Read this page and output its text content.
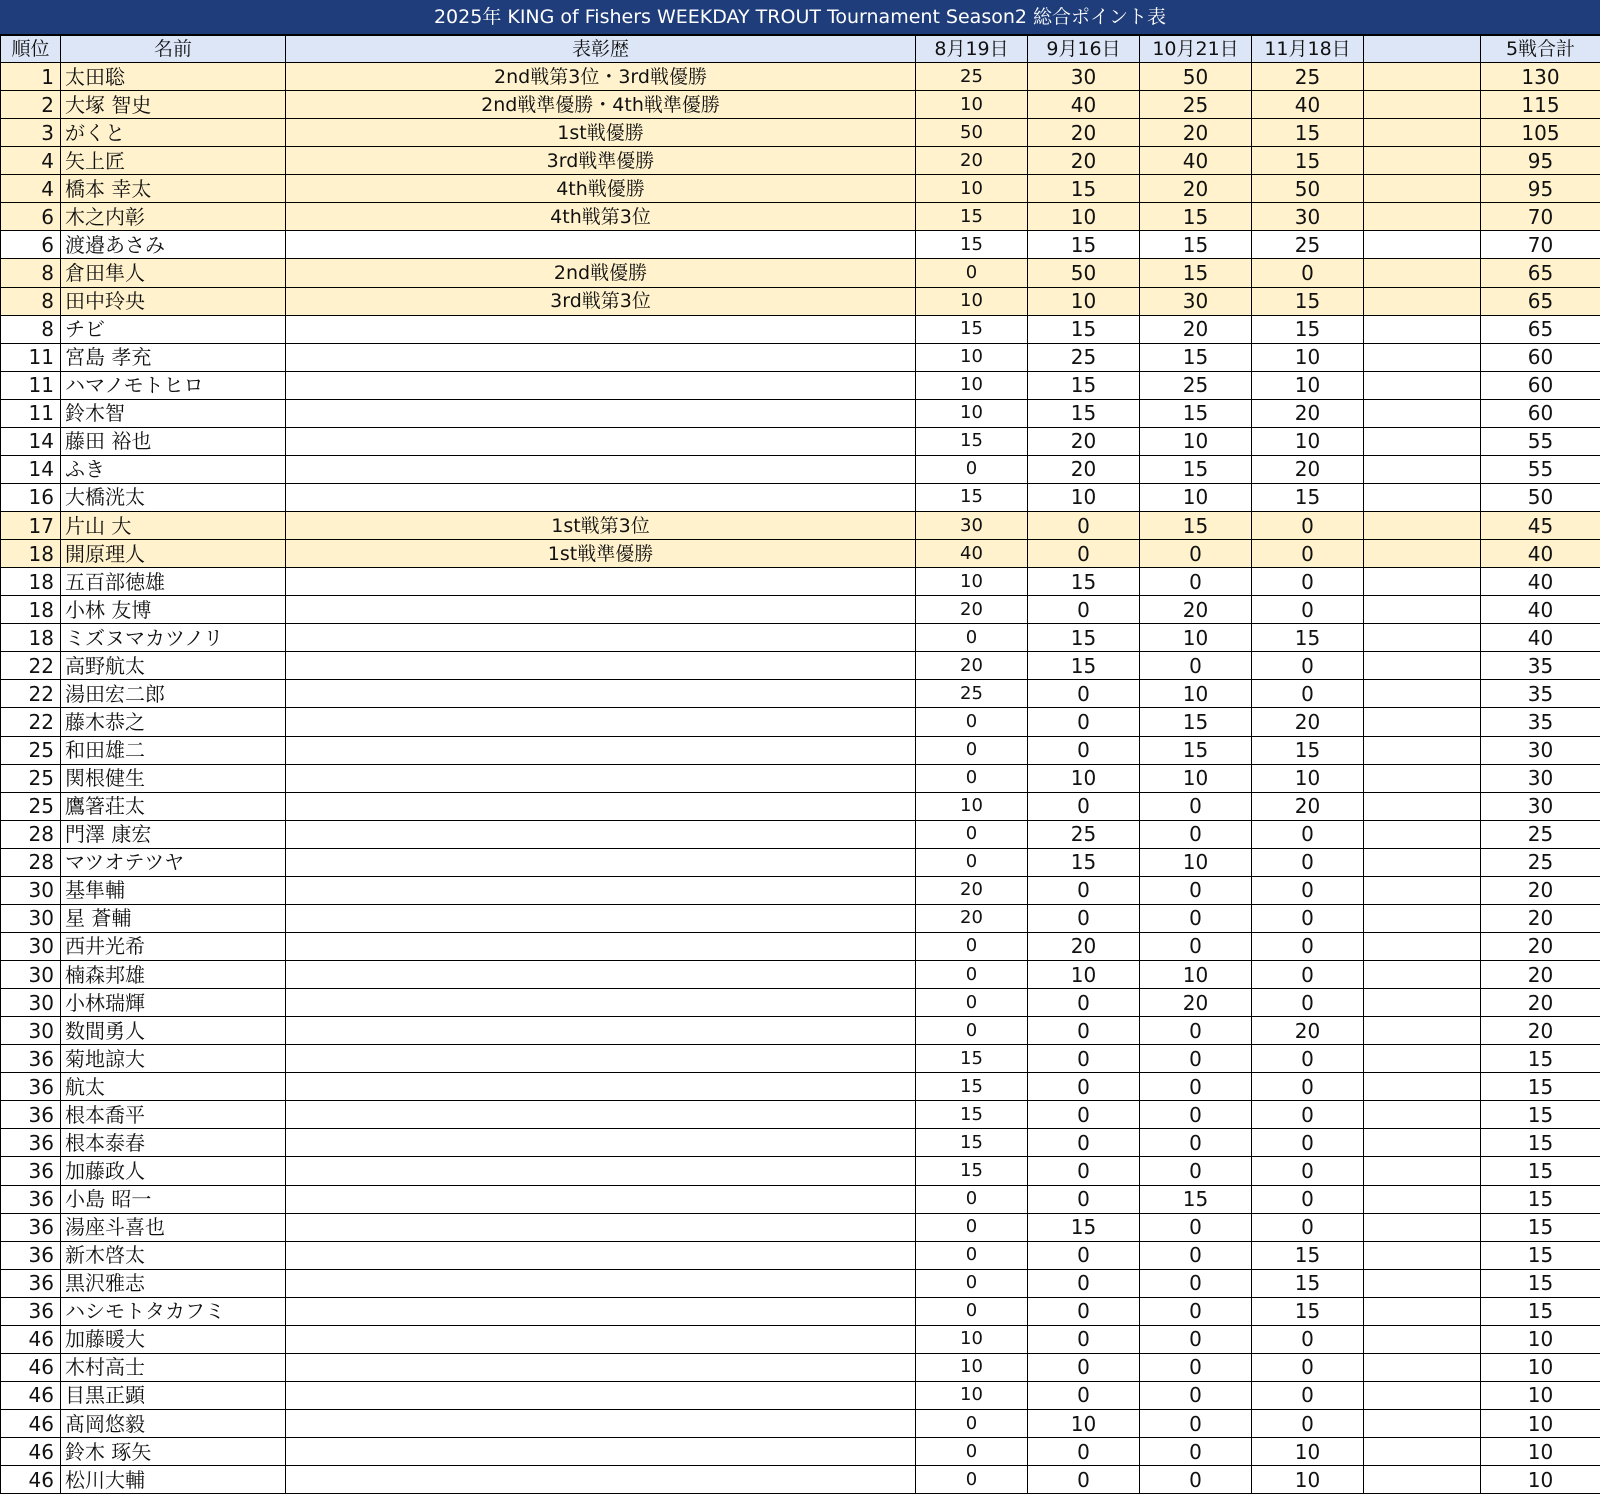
2025年 KING of Fishers WEEKDAY TROUT Tournament Season2 総合ポイント表
順位	名前	表彰歴	8月19日	9月16日	10月21日	11月18日		5戦合計
1	太田聡	2nd戦第3位・3rd戦優勝	25	30	50	25		130
2	大塚 智史	2nd戦準優勝・4th戦準優勝	10	40	25	40		115
3	がくと	1st戦優勝	50	20	20	15		105
4	矢上匠	3rd戦準優勝	20	20	40	15		95
4	橋本 幸太	4th戦優勝	10	15	20	50		95
6	木之内彰	4th戦第3位	15	10	15	30		70
6	渡邉あさみ		15	15	15	25		70
8	倉田隼人	2nd戦優勝	0	50	15	0		65
8	田中玲央	3rd戦第3位	10	10	30	15		65
8	チビ		15	15	20	15		65
11	宮島 孝充		10	25	15	10		60
11	ハマノモトヒロ		10	15	25	10		60
11	鈴木智		10	15	15	20		60
14	藤田 裕也		15	20	10	10		55
14	ふき		0	20	15	20		55
16	大橋洸太		15	10	10	15		50
17	片山 大	1st戦第3位	30	0	15	0		45
18	開原理人	1st戦準優勝	40	0	0	0		40
18	五百部徳雄		10	15	0	0		40
18	小林 友博		20	0	20	0		40
18	ミズヌマカツノリ		0	15	10	15		40
22	高野航太		20	15	0	0		35
22	湯田宏二郎		25	0	10	0		35
22	藤木恭之		0	0	15	20		35
25	和田雄二		0	0	15	15		30
25	関根健生		0	10	10	10		30
25	鷹箸荘太		10	0	0	20		30
28	門澤 康宏		0	25	0	0		25
28	マツオテツヤ		0	15	10	0		25
30	基隼輔		20	0	0	0		20
30	星 蒼輔		20	0	0	0		20
30	西井光希		0	20	0	0		20
30	楠森邦雄		0	10	10	0		20
30	小林瑞輝		0	0	20	0		20
30	数間勇人		0	0	0	20		20
36	菊地諒大		15	0	0	0		15
36	航太		15	0	0	0		15
36	根本喬平		15	0	0	0		15
36	根本泰春		15	0	0	0		15
36	加藤政人		15	0	0	0		15
36	小島 昭一		0	0	15	0		15
36	湯座斗喜也		0	15	0	0		15
36	新木啓太		0	0	0	15		15
36	黒沢雅志		0	0	0	15		15
36	ハシモトタカフミ		0	0	0	15		15
46	加藤暖大		10	0	0	0		10
46	木村高士		10	0	0	0		10
46	目黒正顕		10	0	0	0		10
46	髙岡悠毅		0	10	0	0		10
46	鈴木 琢矢		0	0	0	10		10
46	松川大輔		0	0	0	10		10
